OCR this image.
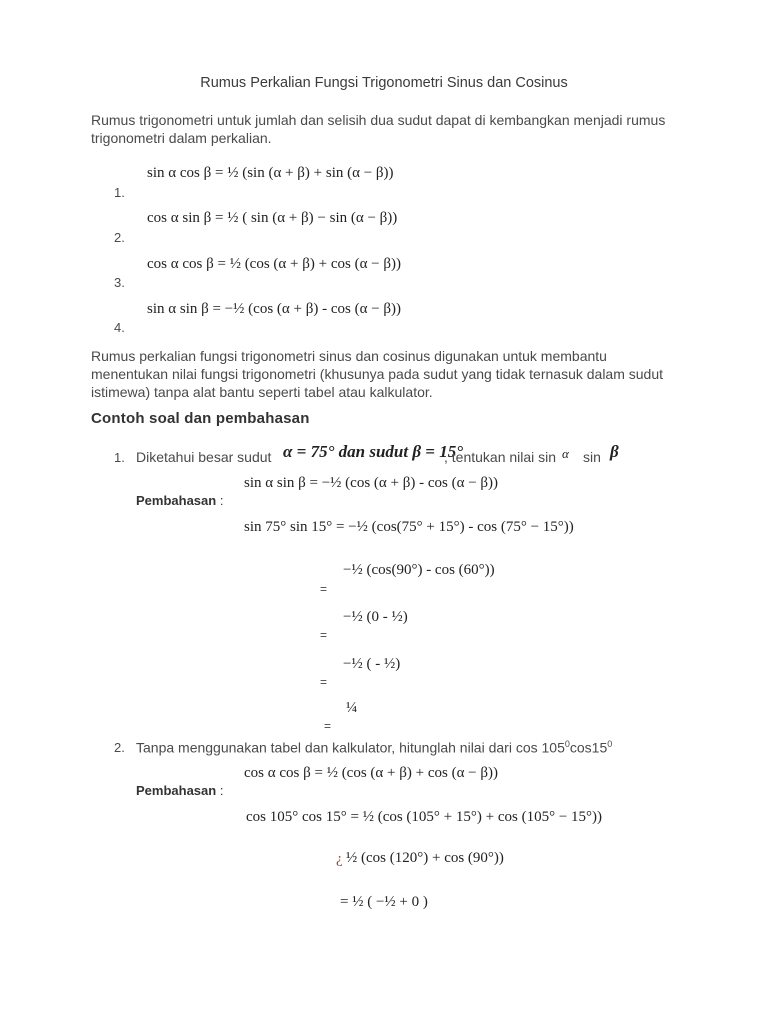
Rumus Perkalian Fungsi Trigonometri Sinus dan Cosinus
Rumus trigonometri untuk jumlah dan selisih dua sudut dapat di kembangkan menjadi rumus trigonometri dalam perkalian.
1.
sin α cos β = ½ (sin (α + β) + sin (α − β))
2.
cos α sin β = ½ ( sin (α + β) − sin (α − β))
3.
cos α cos β = ½ (cos (α + β) + cos (α − β))
4.
sin α sin β = −½ (cos (α + β) - cos (α − β))
Rumus perkalian fungsi trigonometri sinus dan cosinus digunakan untuk membantu menentukan nilai fungsi trigonometri (khusunya pada sudut yang tidak ternasuk dalam sudut istimewa) tanpa alat bantu seperti tabel atau kalkulator.
Contoh soal dan pembahasan
1. Diketahui besar sudut α = 75° dan sudut β = 15°
, tentukan nilai sin α sin β
Pembahasan :
sin α sin β = −½ (cos (α + β) - cos (α − β))
sin 75° sin 15° = −½ (cos(75° + 15°) - cos (75° − 15°))
=
−½ (cos(90°) - cos (60°))
=
−½ (0 - ½)
=
−½ ( - ½)
=
¼
2. Tanpa menggunakan tabel dan kalkulator, hitunglah nilai dari $\cos 105^0\cos 15^0$
Pembahasan :
cos α cos β = ½ (cos (α + β) + cos (α − β))
cos 105° cos 15° = ½ (cos (105° + 15°) + cos (105° − 15°))
¿ ½ (cos (120°) + cos (90°))
= ½ ( −½ + 0 )
